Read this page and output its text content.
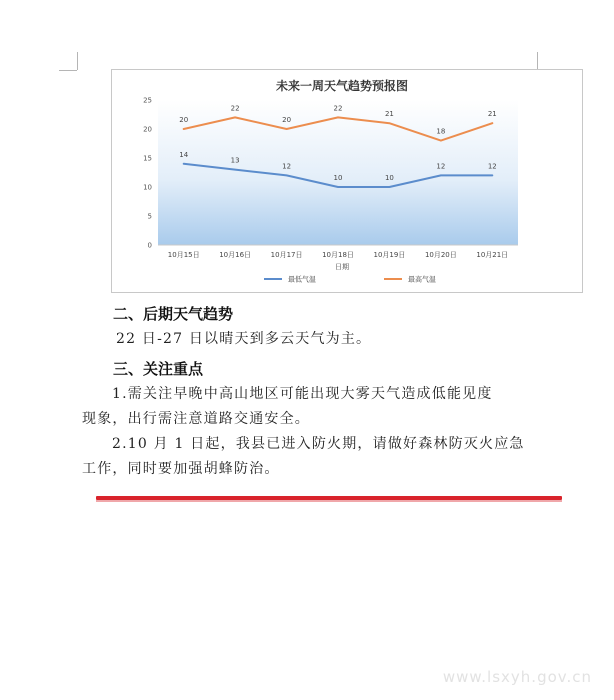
未来一周天气趋势预报图
0
5
10
15
20
25
10月15日	10月16日	10月17日	10月18日	10月19日	10月20日	10月21日
14
13
12
10	10
12	12
20
22
20
22
21
18
21
日期
最低气温	最高气温
二、后期天气趋势
22 日-27 日以晴天到多云天气为主。
三、关注重点
1.需关注早晚中高山地区可能出现大雾天气造成低能见度
现象，出行需注意道路交通安全。
2.10 月 1 日起，我县已进入防火期，请做好森林防灭火应急
工作，同时要加强胡蜂防治。
www.lsxyh.gov.cn
